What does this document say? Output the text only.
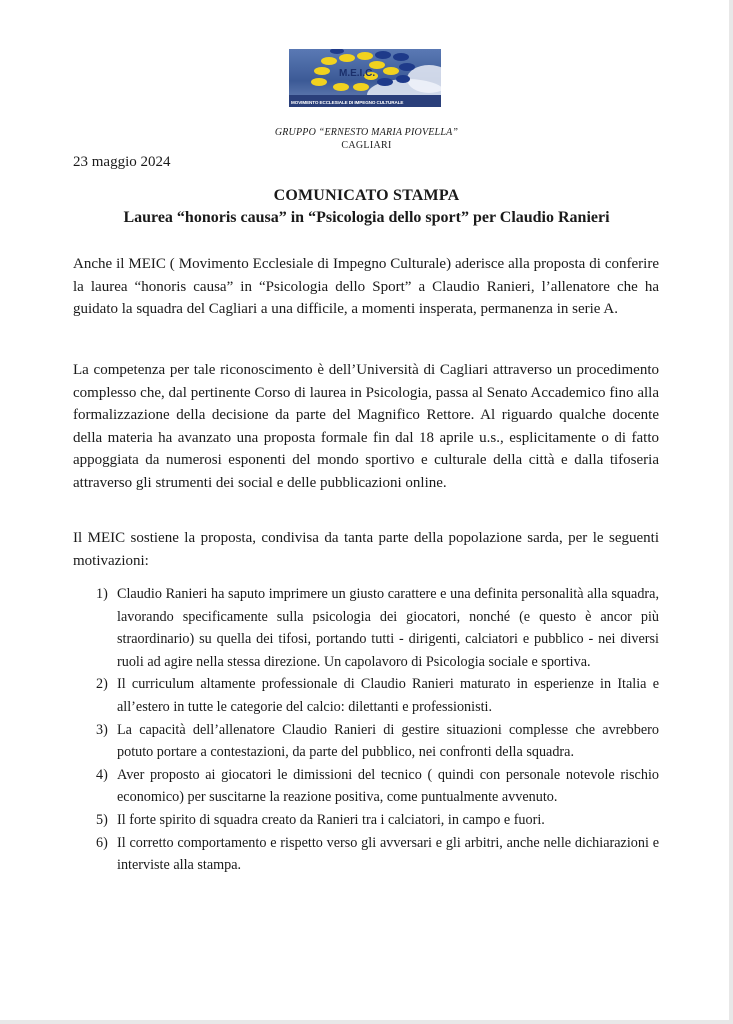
M.E.I.C.
MOVIMENTO ECCLESIALE DI IMPEGNO CULTURALE
GRUPPO “ERNESTO MARIA PIOVELLA”
CAGLIARI
23 maggio 2024
COMUNICATO STAMPA
Laurea “honoris causa” in “Psicologia dello sport” per Claudio Ranieri

Anche il MEIC ( Movimento Ecclesiale di Impegno Culturale) aderisce alla proposta di conferire la laurea “honoris causa” in “Psicologia dello Sport” a Claudio Ranieri, l’allenatore che ha guidato la squadra del Cagliari a una difficile, a momenti insperata, permanenza in serie A.

La competenza per tale riconoscimento è dell’Università di Cagliari attraverso un procedimento complesso che, dal pertinente Corso di laurea in Psicologia, passa al Senato Accademico fino alla formalizzazione della decisione da parte del Magnifico Rettore. Al riguardo qualche docente della materia ha avanzato una proposta formale fin dal 18 aprile u.s., esplicitamente o di fatto appoggiata da numerosi esponenti del mondo sportivo e culturale della città e dalla tifoseria attraverso gli strumenti dei social e delle pubblicazioni online.

Il MEIC sostiene la proposta, condivisa da tanta parte della popolazione sarda, per le seguenti motivazioni:

1) Claudio Ranieri ha saputo imprimere un giusto carattere e una definita personalità alla squadra, lavorando specificamente sulla psicologia dei giocatori, nonché (e questo è ancor più straordinario) su quella dei tifosi, portando tutti - dirigenti, calciatori e pubblico - nei diversi ruoli ad agire nella stessa direzione. Un capolavoro di Psicologia sociale e sportiva.
2) Il curriculum altamente professionale di Claudio Ranieri maturato in esperienze in Italia e all’estero in tutte le categorie del calcio: dilettanti e professionisti.
3) La capacità dell’allenatore Claudio Ranieri di gestire situazioni complesse che avrebbero potuto portare a contestazioni, da parte del pubblico, nei confronti della squadra.
4) Aver proposto ai giocatori le dimissioni del tecnico ( quindi con personale notevole rischio economico) per suscitarne la reazione positiva, come puntualmente avvenuto.
5) Il forte spirito di squadra creato da Ranieri tra i calciatori, in campo e fuori.
6) Il corretto comportamento e rispetto verso gli avversari e gli arbitri, anche nelle dichiarazioni e interviste alla stampa.
